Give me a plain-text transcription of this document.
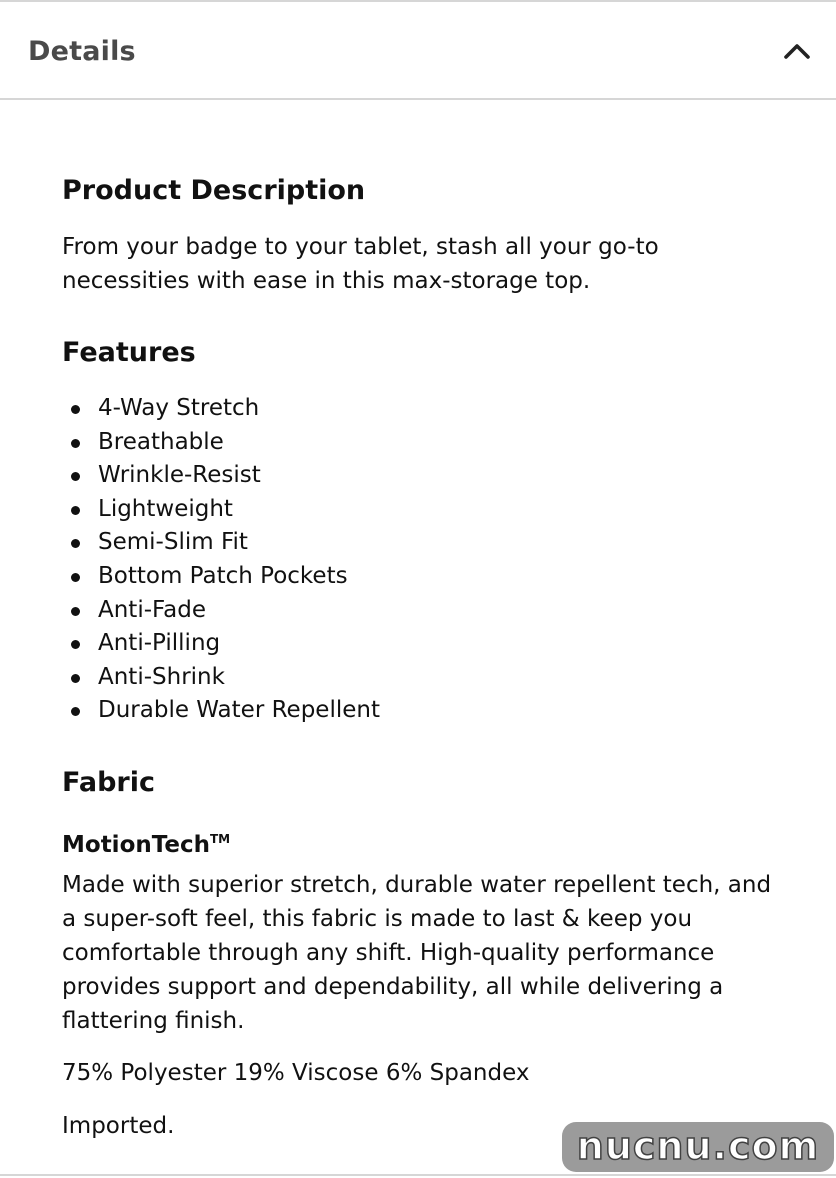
Details
Product Description

From your badge to your tablet, stash all your go-to necessities with ease in this max-storage top.

Features
4-Way Stretch
Breathable
Wrinkle-Resist
Lightweight
Semi-Slim Fit
Bottom Patch Pockets
Anti-Fade
Anti-Pilling
Anti-Shrink
Durable Water Repellent
Fabric
MotionTech™

Made with superior stretch, durable water repellent tech, and a super-soft feel, this fabric is made to last & keep you comfortable through any shift. High-quality performance provides support and dependability, all while delivering a flattering finish.

75% Polyester 19% Viscose 6% Spandex

Imported.	nucnu.com
